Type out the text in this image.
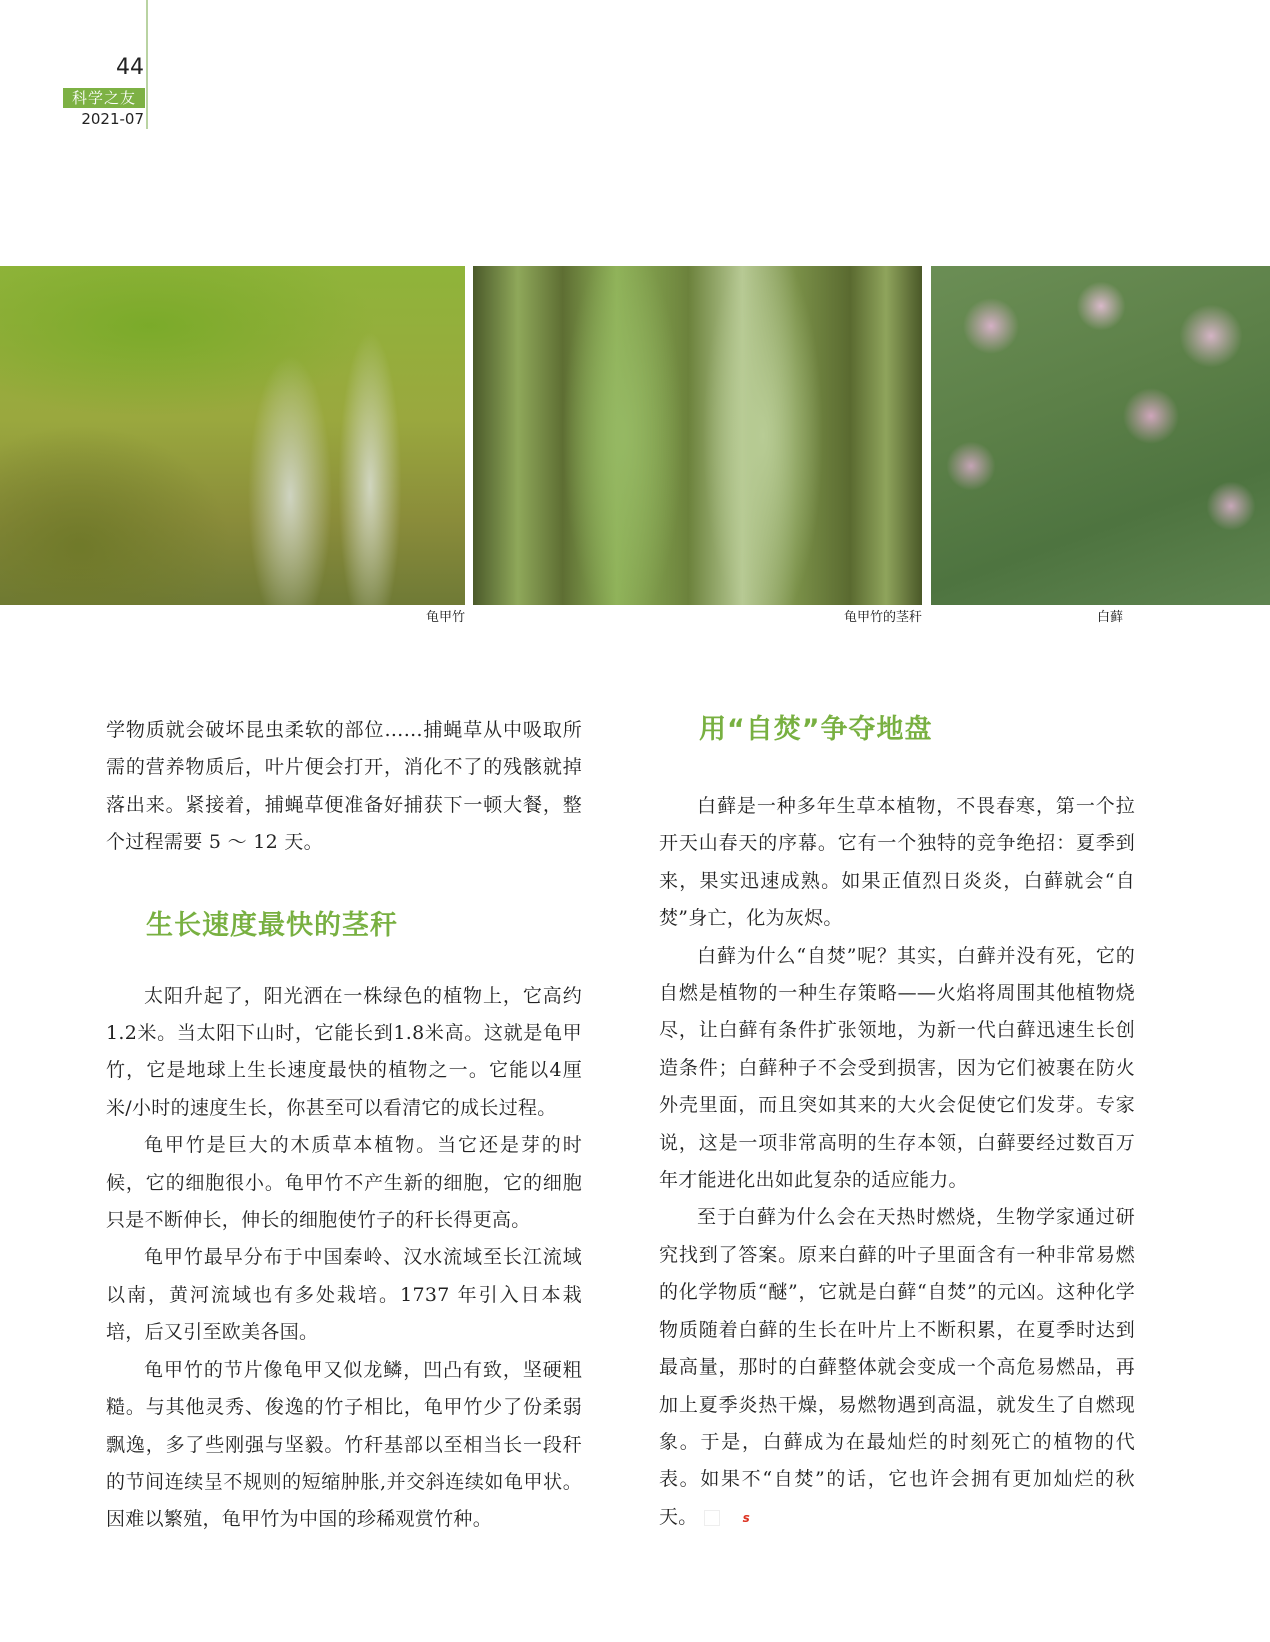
44
科学之友
2021-07
龟甲竹	龟甲竹的茎秆	白藓

学物质就会破坏昆虫柔软的部位……捕蝇草从中吸取所需的营养物质后，叶片便会打开，消化不了的残骸就掉落出来。紧接着，捕蝇草便准备好捕获下一顿大餐，整个过程需要 5 ～ 12 天。

生长速度最快的茎秆

太阳升起了，阳光洒在一株绿色的植物上，它高约1.2米。当太阳下山时，它能长到1.8米高。这就是龟甲竹，它是地球上生长速度最快的植物之一。它能以4厘米/小时的速度生长，你甚至可以看清它的成长过程。

龟甲竹是巨大的木质草本植物。当它还是芽的时候，它的细胞很小。龟甲竹不产生新的细胞，它的细胞只是不断伸长，伸长的细胞使竹子的秆长得更高。

龟甲竹最早分布于中国秦岭、汉水流域至长江流域以南，黄河流域也有多处栽培。1737 年引入日本栽培，后又引至欧美各国。

龟甲竹的节片像龟甲又似龙鳞，凹凸有致，坚硬粗糙。与其他灵秀、俊逸的竹子相比，龟甲竹少了份柔弱飘逸，多了些刚强与坚毅。竹秆基部以至相当长一段秆的节间连续呈不规则的短缩肿胀,并交斜连续如龟甲状。因难以繁殖，龟甲竹为中国的珍稀观赏竹种。

用“自焚”争夺地盘

白藓是一种多年生草本植物，不畏春寒，第一个拉开天山春天的序幕。它有一个独特的竞争绝招：夏季到来，果实迅速成熟。如果正值烈日炎炎，白藓就会“自焚”身亡，化为灰烬。

白藓为什么“自焚”呢？其实，白藓并没有死，它的自燃是植物的一种生存策略——火焰将周围其他植物烧尽，让白藓有条件扩张领地，为新一代白藓迅速生长创造条件；白藓种子不会受到损害，因为它们被裹在防火外壳里面，而且突如其来的大火会促使它们发芽。专家说，这是一项非常高明的生存本领，白藓要经过数百万年才能进化出如此复杂的适应能力。

至于白藓为什么会在天热时燃烧，生物学家通过研究找到了答案。原来白藓的叶子里面含有一种非常易燃的化学物质“醚”，它就是白藓“自焚”的元凶。这种化学物质随着白藓的生长在叶片上不断积累，在夏季时达到最高量，那时的白藓整体就会变成一个高危易燃品，再加上夏季炎热干燥，易燃物遇到高温，就发生了自燃现象。于是，白藓成为在最灿烂的时刻死亡的植物的代表。如果不“自焚”的话，它也许会拥有更加灿烂的秋天。	s
